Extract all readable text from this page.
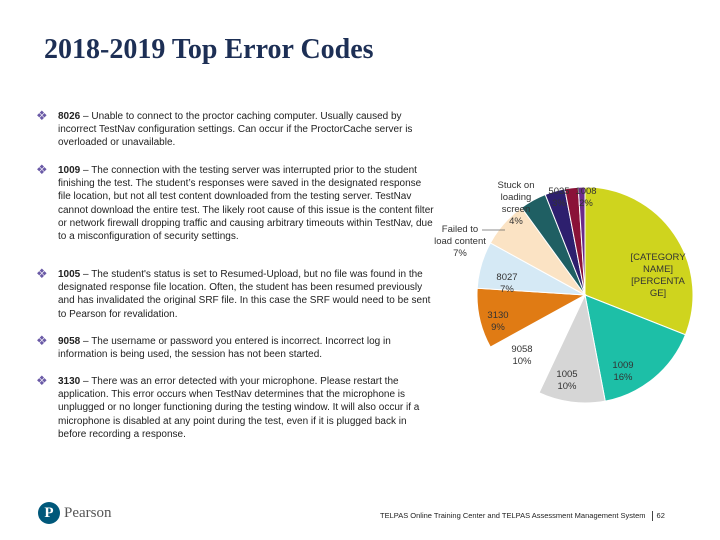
2018-2019 Top Error Codes
❖	8026 – Unable to connect to the proctor caching computer. Usually caused by incorrect TestNav configuration settings. Can occur if the ProctorCache server is overloaded or unavailable.
❖	1009 – The connection with the testing server was interrupted prior to the student finishing the test. The student’s responses were saved in the designated response file location, but not all test content downloaded from the testing server. TestNav cannot download the entire test. The likely root cause of this issue is the content filter or network firewall dropping traffic and causing arbitrary timeouts within TestNav, due to a misconfiguration of security settings.
❖	1005 – The student's status is set to Resumed-Upload, but no file was found in the designated response file location. Often, the student has been resumed previously and has invalidated the original SRF file. In this case the SRF would need to be sent to Pearson for revalidation.
❖	9058 – The username or password you entered is incorrect. Incorrect log in information is being used, the session has not been started.
❖	3130 – There was an error detected with your microphone. Please restart the application. This error occurs when TestNav determines that the microphone is unplugged or no longer functioning during the testing window. It will also occur if a microphone is disabled at any point during the test, even if it is plugged back in before recording a response.
[CATEGORY NAME] [PERCENTA GE]
1009 16%
1005 10%
9058 10%
3130 9%
8027 7%
Failed to load content 7%
Stuck on loading screen 4%
5035 3%
1008 2%
P Pearson	TELPAS Online Training Center and TELPAS Assessment Management System 62
